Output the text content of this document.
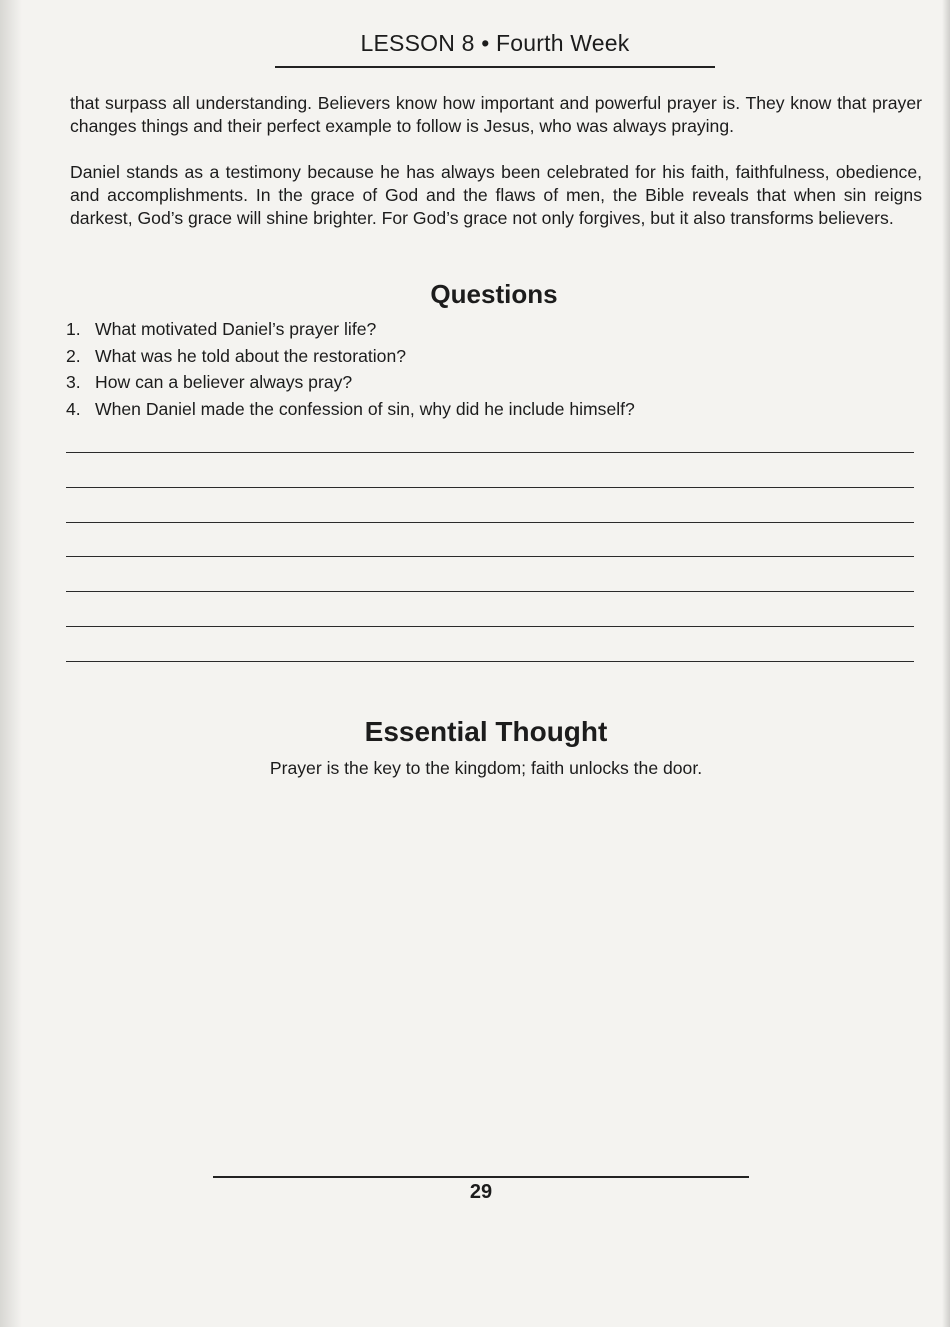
LESSON 8 • Fourth Week
that surpass all understanding. Believers know how important and powerful prayer is. They know that prayer changes things and their perfect example to follow is Jesus, who was always praying.
Daniel stands as a testimony because he has always been celebrated for his faith, faithfulness, obedience, and accomplishments. In the grace of God and the flaws of men, the Bible reveals that when sin reigns darkest, God’s grace will shine brighter. For God’s grace not only forgives, but it also transforms believers.
Questions
1. What motivated Daniel’s prayer life?
2. What was he told about the restoration?
3. How can a believer always pray?
4. When Daniel made the confession of sin, why did he include himself?
Essential Thought
Prayer is the key to the kingdom; faith unlocks the door.
29
